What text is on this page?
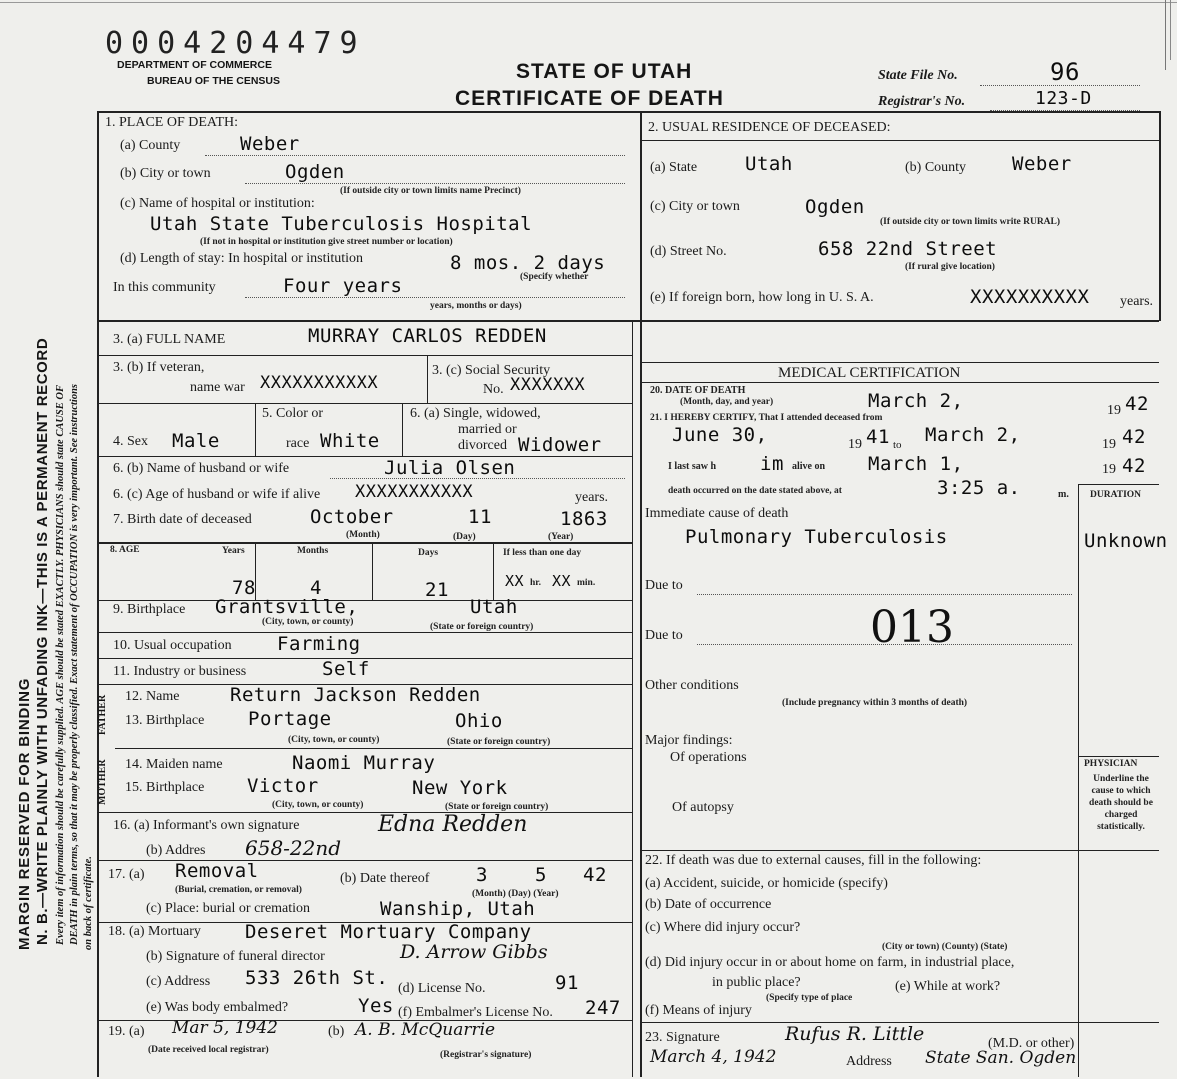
MARGIN RESERVED FOR BINDING N. B.—WRITE PLAINLY WITH UNFADING INK—THIS IS A PERMANENT RECORD Every item of information should be carefully supplied. AGE should be stated EXACTLY. PHYSICIANS should state CAUSE OF DEATH in plain terms, so that it may be properly classified. Exact statement of OCCUPATION is very important. See instructions on back of certificate.
0004204479
DEPARTMENT OF COMMERCE
BUREAU OF THE CENSUS	STATE OF UTAH
CERTIFICATE OF DEATH
State File No.	96
Registrar's No.	123-D
1. PLACE OF DEATH:
(a) County	Weber
(b) City or town	Ogden
(If outside city or town limits name Precinct)
(c) Name of hospital or institution:
Utah State Tuberculosis Hospital
(If not in hospital or institution give street number or location)
(d) Length of stay: In hospital or institution	8 mos. 2 days
(Specify whether
In this community	Four years
years, months or days)
2. USUAL RESIDENCE OF DECEASED:
(a) State	Utah	(b) County Weber
(c) City or town	Ogden
(If outside city or town limits write RURAL)
(d) Street No.	658 22nd Street
(If rural give location)
(e) If foreign born, how long in U. S. A.	XXXXXXXXXX years.
3. (a) FULL NAME	MURRAY CARLOS REDDEN
3. (b) If veteran,
name war XXXXXXXXXXX
3. (c) Social Security
No. XXXXXXX
4. Sex Male
5. Color or
race White
6. (a) Single, widowed,
married or
divorced Widower
6. (b) Name of husband or wife	Julia Olsen
6. (c) Age of husband or wife if alive XXXXXXXXXXX	years.
7. Birth date of deceased	October	11	1863
(Month)	(Day)	(Year)
8. AGE	Years	Months	Days	If less than one day
78	4	21	XX hr. XX min.
9. Birthplace Grantsville,	Utah
(City, town, or county)	(State or foreign country)
10. Usual occupation Farming
11. Industry or business	Self
FATHER
MOTHER
12. Name	Return Jackson Redden
13. Birthplace Portage	Ohio
(City, town, or county)	(State or foreign country)
14. Maiden name	Naomi Murray
15. Birthplace Victor	New York
(City, town, or county)	(State or foreign country)
16. (a) Informant's own signature	Edna Redden
(b) Addres 658-22nd
17. (a) Removal
(Burial, cremation, or removal)
(b) Date thereof 3 5 42
(Month) (Day) (Year)
(c) Place: burial or cremation	Wanship, Utah
18. (a) Mortuary Deseret Mortuary Company
(b) Signature of funeral director	D. Arrow Gibbs
(c) Address 533 26th St. (d) License No.	91
(e) Was body embalmed?	Yes (f) Embalmer's License No. 247
19. (a) Mar 5, 1942	(b) A. B. McQuarrie
(Date received local registrar)	(Registrar's signature)
MEDICAL CERTIFICATION
20. DATE OF DEATH
(Month, day, and year)	March 2,	19 42
21. I HEREBY CERTIFY, That I attended deceased from
June 30,	19 41 to March 2,	19 42
I last saw h im alive on March 1,	19 42
death occurred on the date stated above, at	3:25 a.	m. DURATION
Immediate cause of death
Pulmonary Tuberculosis	Unknown
Due to
013
Due to
Other conditions
(Include pregnancy within 3 months of death)
Major findings:
Of operations
Of autopsy
PHYSICIAN
Underline the cause to which death should be charged statistically.
22. If death was due to external causes, fill in the following:
(a) Accident, suicide, or homicide (specify)
(b) Date of occurrence
(c) Where did injury occur?
(City or town) (County) (State)
(d) Did injury occur in or about home on farm, in industrial place,
in public place?	(e) While at work?
(Specify type of place
(f) Means of injury
23. Signature	Rufus R. Little	(M.D. or other)
March 4, 1942	Address State San. Ogden
